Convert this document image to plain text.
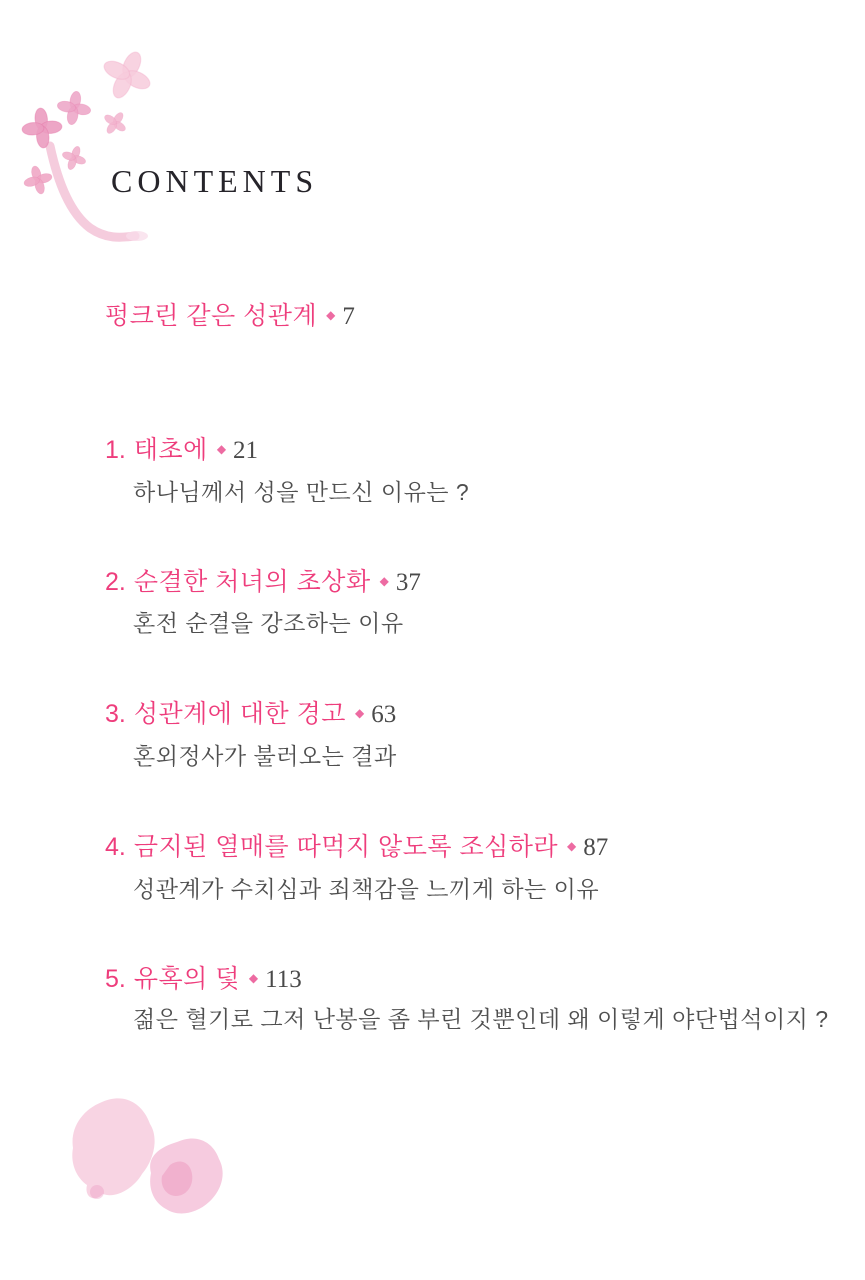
CONTENTS
펑크린 같은 성관계 ◆ 7
1. 태초에 ◆ 21
하나님께서 성을 만드신 이유는 ?
2. 순결한 처녀의 초상화 ◆ 37
혼전 순결을 강조하는 이유
3. 성관계에 대한 경고 ◆ 63
혼외정사가 불러오는 결과
4. 금지된 열매를 따먹지 않도록 조심하라 ◆ 87
성관계가 수치심과 죄책감을 느끼게 하는 이유
5. 유혹의 덫 ◆ 113
젊은 혈기로 그저 난봉을 좀 부린 것뿐인데 왜 이렇게 야단법석이지 ?
